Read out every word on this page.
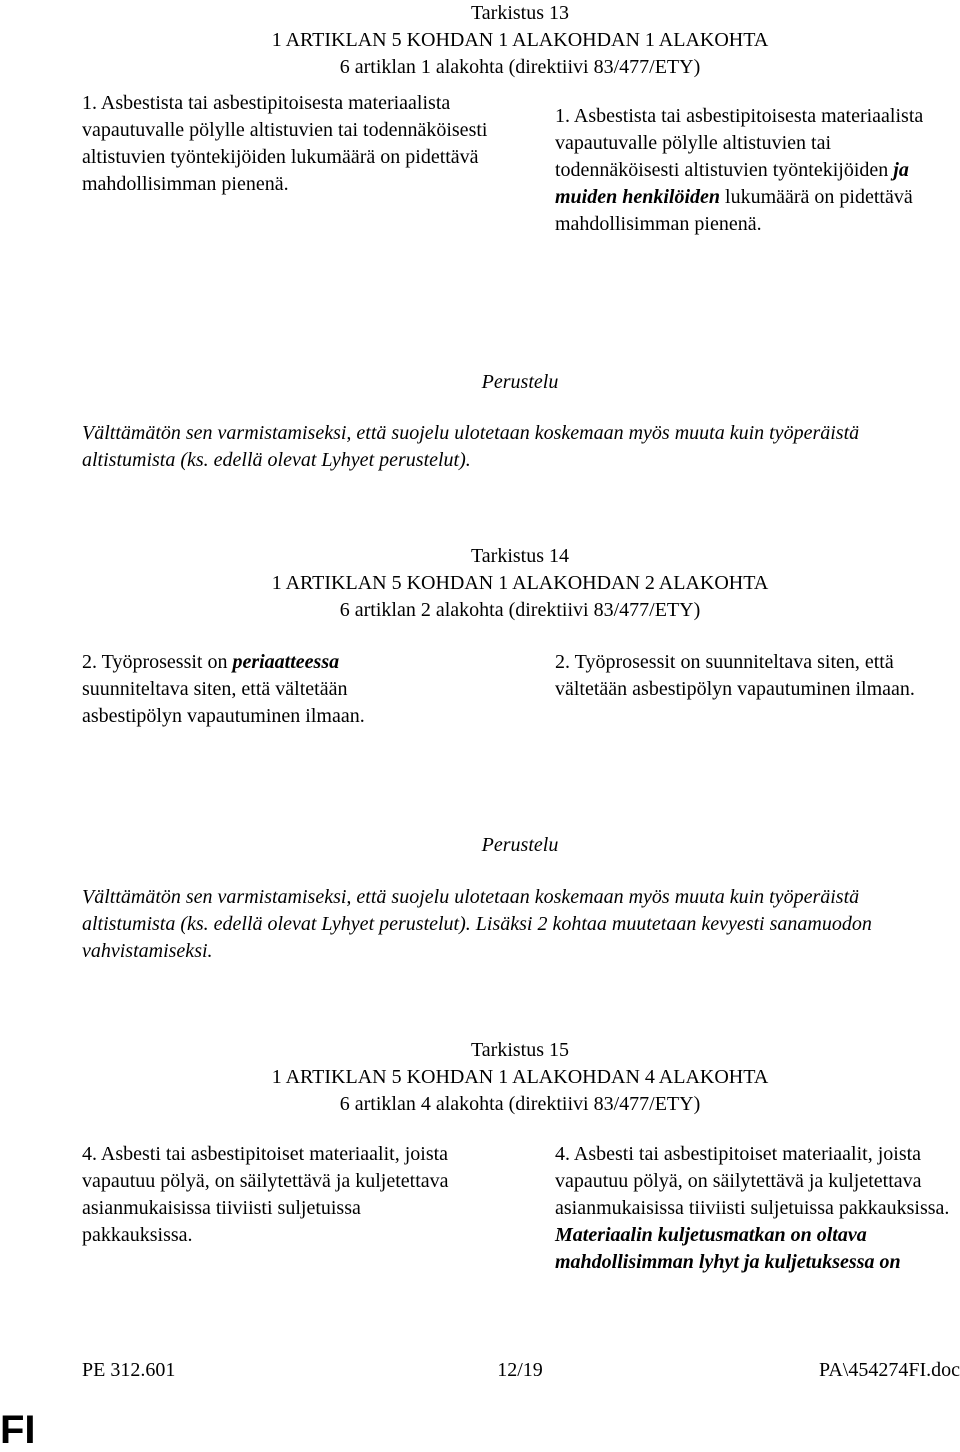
Tarkistus 13
1 ARTIKLAN 5 KOHDAN 1 ALAKOHDAN 1 ALAKOHTA
6 artiklan 1 alakohta (direktiivi 83/477/ETY)

1. Asbestista tai asbestipitoisesta materiaalista vapautuvalle pölylle altistuvien tai todennäköisesti altistuvien työntekijöiden lukumäärä on pidettävä mahdollisimman pienenä.

1. Asbestista tai asbestipitoisesta materiaalista vapautuvalle pölylle altistuvien tai todennäköisesti altistuvien työntekijöiden ja muiden henkilöiden lukumäärä on pidettävä mahdollisimman pienenä.

Perustelu

Välttämätön sen varmistamiseksi, että suojelu ulotetaan koskemaan myös muuta kuin työperäistä altistumista (ks. edellä olevat Lyhyet perustelut).

Tarkistus 14
1 ARTIKLAN 5 KOHDAN 1 ALAKOHDAN 2 ALAKOHTA
6 artiklan 2 alakohta (direktiivi 83/477/ETY)

2. Työprosessit on periaatteessa suunniteltava siten, että vältetään asbestipölyn vapautuminen ilmaan.

2. Työprosessit on suunniteltava siten, että vältetään asbestipölyn vapautuminen ilmaan.

Perustelu

Välttämätön sen varmistamiseksi, että suojelu ulotetaan koskemaan myös muuta kuin työperäistä altistumista (ks. edellä olevat Lyhyet perustelut). Lisäksi 2 kohtaa muutetaan kevyesti sanamuodon vahvistamiseksi.

Tarkistus 15
1 ARTIKLAN 5 KOHDAN 1 ALAKOHDAN 4 ALAKOHTA
6 artiklan 4 alakohta (direktiivi 83/477/ETY)

4. Asbesti tai asbestipitoiset materiaalit, joista vapautuu pölyä, on säilytettävä ja kuljetettava asianmukaisissa tiiviisti suljetuissa pakkauksissa.

4. Asbesti tai asbestipitoiset materiaalit, joista vapautuu pölyä, on säilytettävä ja kuljetettava asianmukaisissa tiiviisti suljetuissa pakkauksissa. Materiaalin kuljetusmatkan on oltava mahdollisimman lyhyt ja kuljetuksessa on

PE 312.601	12/19	PA\454274FI.doc
FI
